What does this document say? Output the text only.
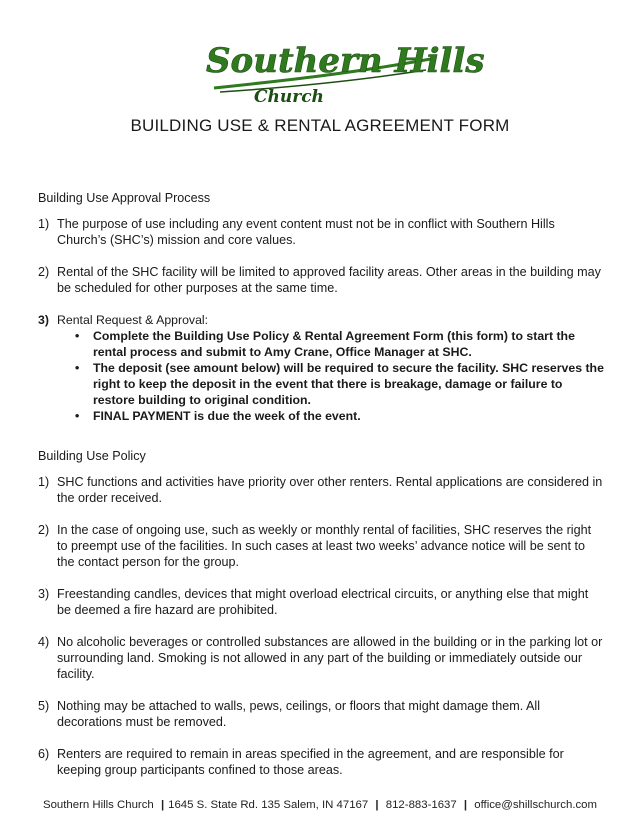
Southern Hills
Church
BUILDING USE & RENTAL AGREEMENT FORM
Building Use Approval Process
1) The purpose of use including any event content must not be in conflict with Southern Hills Church’s (SHC’s) mission and core values.
2) Rental of the SHC facility will be limited to approved facility areas. Other areas in the building may be scheduled for other purposes at the same time.
3) Rental Request & Approval:
• Complete the Building Use Policy & Rental Agreement Form (this form) to start the rental process and submit to Amy Crane, Office Manager at SHC.
• The deposit (see amount below) will be required to secure the facility. SHC reserves the right to keep the deposit in the event that there is breakage, damage or failure to restore building to original condition.
• FINAL PAYMENT is due the week of the event.
Building Use Policy
1) SHC functions and activities have priority over other renters. Rental applications are considered in the order received.
2) In the case of ongoing use, such as weekly or monthly rental of facilities, SHC reserves the right to preempt use of the facilities. In such cases at least two weeks’ advance notice will be sent to the contact person for the group.
3) Freestanding candles, devices that might overload electrical circuits, or anything else that might be deemed a fire hazard are prohibited.
4) No alcoholic beverages or controlled substances are allowed in the building or in the parking lot or surrounding land. Smoking is not allowed in any part of the building or immediately outside our facility.
5) Nothing may be attached to walls, pews, ceilings, or floors that might damage them. All decorations must be removed.
6) Renters are required to remain in areas specified in the agreement, and are responsible for keeping group participants confined to those areas.
Southern Hills Church | 1645 S. State Rd. 135 Salem, IN 47167 | 812-883-1637 | office@shillschurch.com
